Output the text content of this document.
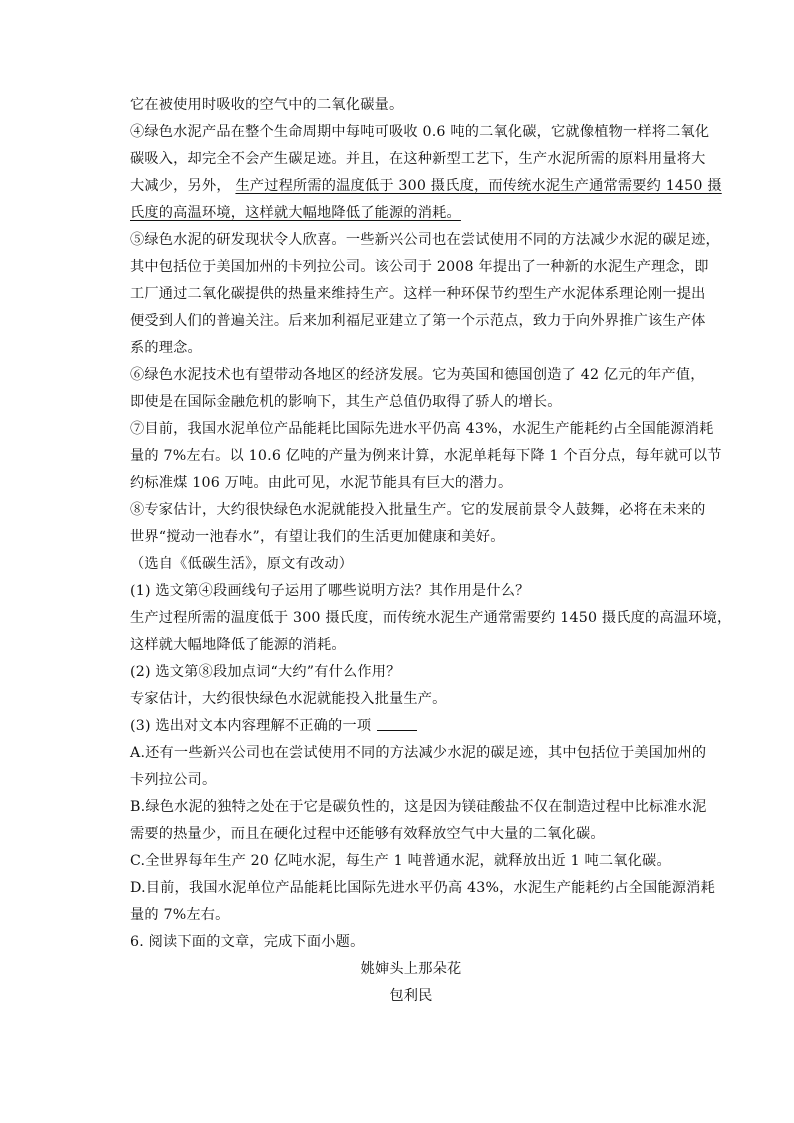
它在被使用时吸收的空气中的二氧化碳量。
④绿色水泥产品在整个生命周期中每吨可吸收 0.6 吨的二氧化碳，它就像植物一样将二氧化
碳吸入，却完全不会产生碳足迹。并且，在这种新型工艺下，生产水泥所需的原料用量将大
大减少，另外， 生产过程所需的温度低于 300 摄氏度，而传统水泥生产通常需要约 1450 摄
氏度的高温环境，这样就大幅地降低了能源的消耗。
⑤绿色水泥的研发现状令人欣喜。一些新兴公司也在尝试使用不同的方法减少水泥的碳足迹，
其中包括位于美国加州的卡列拉公司。该公司于 2008 年提出了一种新的水泥生产理念，即
工厂通过二氧化碳提供的热量来维持生产。这样一种环保节约型生产水泥体系理论刚一提出
便受到人们的普遍关注。后来加利福尼亚建立了第一个示范点，致力于向外界推广该生产体
系的理念。
⑥绿色水泥技术也有望带动各地区的经济发展。它为英国和德国创造了 42 亿元的年产值，
即使是在国际金融危机的影响下，其生产总值仍取得了骄人的增长。
⑦目前，我国水泥单位产品能耗比国际先进水平仍高 43%，水泥生产能耗约占全国能源消耗
量的 7%左右。以 10.6 亿吨的产量为例来计算，水泥单耗每下降 1 个百分点，每年就可以节
约标准煤 106 万吨。由此可见，水泥节能具有巨大的潜力。
⑧专家估计，大约很快绿色水泥就能投入批量生产。它的发展前景令人鼓舞，必将在未来的
世界“搅动一池春水”，有望让我们的生活更加健康和美好。
（选自《低碳生活》，原文有改动）
(1) 选文第④段画线句子运用了哪些说明方法？其作用是什么？
生产过程所需的温度低于 300 摄氏度，而传统水泥生产通常需要约 1450 摄氏度的高温环境，
这样就大幅地降低了能源的消耗。
(2) 选文第⑧段加点词“大约”有什么作用？
专家估计，大约很快绿色水泥就能投入批量生产。
(3) 选出对文本内容理解不正确的一项
A.还有一些新兴公司也在尝试使用不同的方法减少水泥的碳足迹，其中包括位于美国加州的
卡列拉公司。
B.绿色水泥的独特之处在于它是碳负性的，这是因为镁硅酸盐不仅在制造过程中比标准水泥
需要的热量少，而且在硬化过程中还能够有效释放空气中大量的二氧化碳。
C.全世界每年生产 20 亿吨水泥，每生产 1 吨普通水泥，就释放出近 1 吨二氧化碳。
D.目前，我国水泥单位产品能耗比国际先进水平仍高 43%，水泥生产能耗约占全国能源消耗
量的 7%左右。
6. 阅读下面的文章，完成下面小题。
姚婶头上那朵花
包利民
